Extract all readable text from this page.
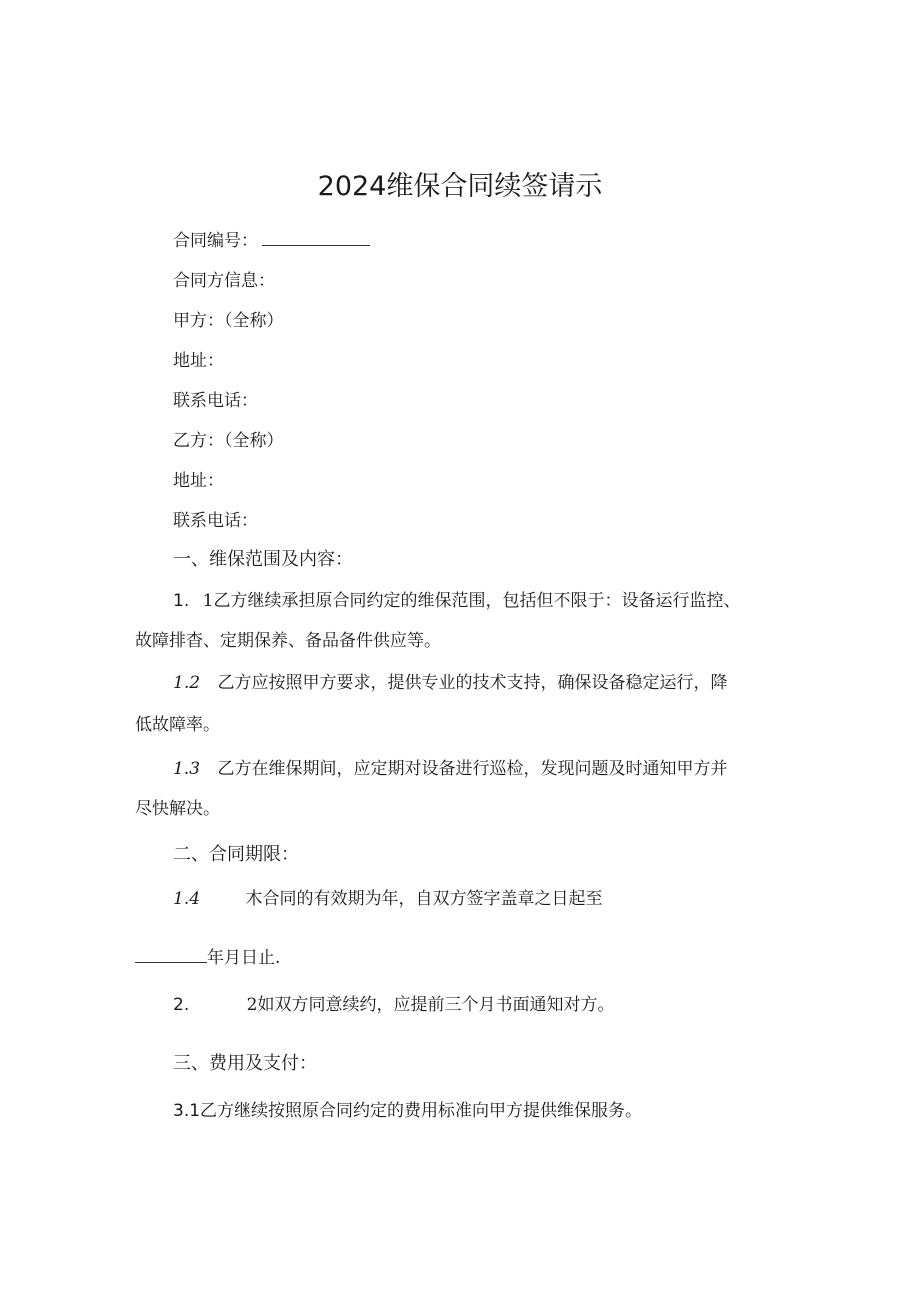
2024维保合同续签请示
合同编号：
合同方信息：
甲方：（全称）
地址：
联系电话：
乙方：（全称）
地址：
联系电话：
一、维保范围及内容：
1. 1乙方继续承担原合同约定的维保范围，包括但不限于：设备运行监控、
故障排杳、定期保养、备品备件供应等。
1.2 乙方应按照甲方要求，提供专业的技术支持，确保设备稳定运行，降
低故障率。
1.3 乙方在维保期间，应定期对设备进行巡检，发现问题及时通知甲方并
尽快解决。
二、合同期限：
1.4	木合同的有效期为年，自双方签字盖章之日起至
年月日止.
2.	2如双方同意续约，应提前三个月书面通知对方。
三、费用及支付：
3.1乙方继续按照原合同约定的费用标准向甲方提供维保服务。
